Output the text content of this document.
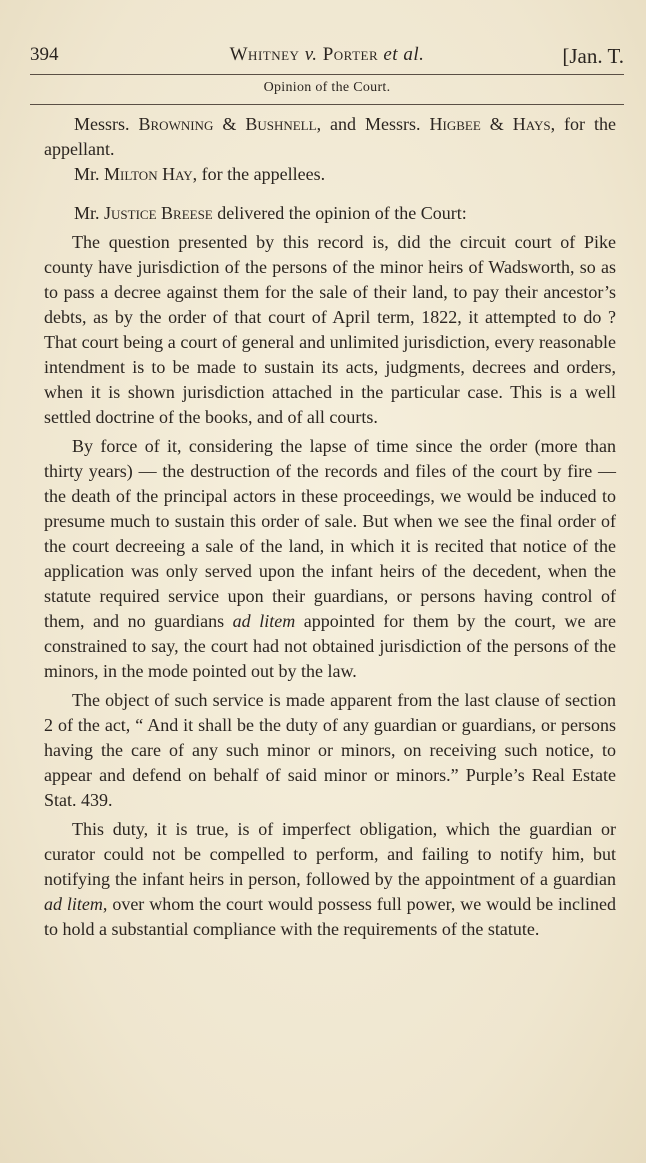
394	Whitney v. Porter et al.	[Jan. T.
Opinion of the Court.

Messrs. Browning & Bushnell, and Messrs. Higbee & Hays, for the appellant.

Mr. Milton Hay, for the appellees.

Mr. Justice Breese delivered the opinion of the Court:

The question presented by this record is, did the circuit court of Pike county have jurisdiction of the persons of the minor heirs of Wadsworth, so as to pass a decree against them for the sale of their land, to pay their ancestor’s debts, as by the order of that court of April term, 1822, it attempted to do ? That court being a court of general and unlimited jurisdiction, every reasonable intendment is to be made to sustain its acts, judgments, decrees and orders, when it is shown jurisdiction attached in the particular case. This is a well settled doctrine of the books, and of all courts.

By force of it, considering the lapse of time since the order (more than thirty years) — the destruction of the records and files of the court by fire — the death of the principal actors in these proceedings, we would be induced to presume much to sustain this order of sale. But when we see the final order of the court decreeing a sale of the land, in which it is recited that notice of the application was only served upon the infant heirs of the decedent, when the statute required service upon their guardians, or persons having control of them, and no guardians ad litem appointed for them by the court, we are constrained to say, the court had not obtained jurisdiction of the persons of the minors, in the mode pointed out by the law.

The object of such service is made apparent from the last clause of section 2 of the act, “ And it shall be the duty of any guardian or guardians, or persons having the care of any such minor or minors, on receiving such notice, to appear and defend on behalf of said minor or minors.” Purple’s Real Estate Stat. 439.

This duty, it is true, is of imperfect obligation, which the guardian or curator could not be compelled to perform, and failing to notify him, but notifying the infant heirs in person, followed by the appointment of a guardian ad litem, over whom the court would possess full power, we would be inclined to hold a substantial compliance with the requirements of the statute.
